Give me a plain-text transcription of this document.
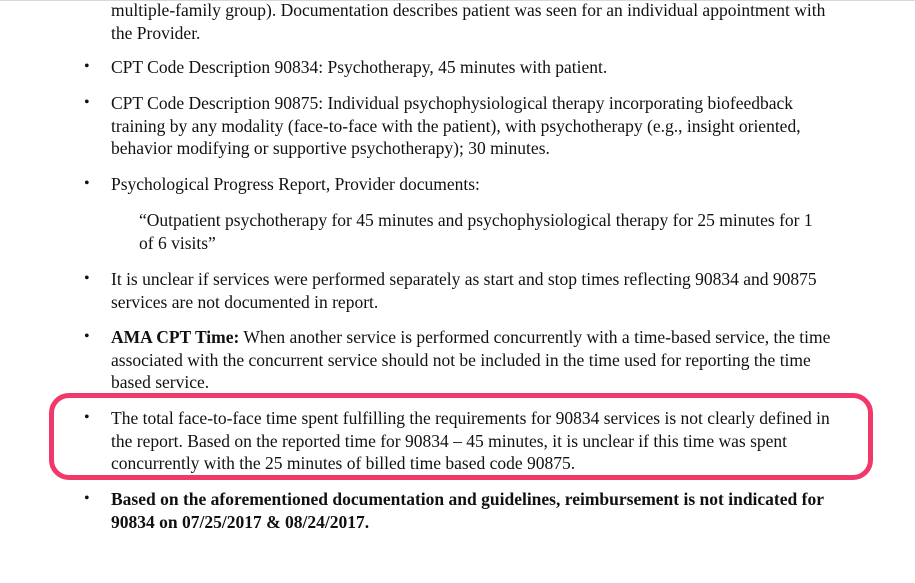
multiple-family group). Documentation describes patient was seen for an individual appointment with the Provider.

• CPT Code Description 90834: Psychotherapy, 45 minutes with patient.

• CPT Code Description 90875: Individual psychophysiological therapy incorporating biofeedback training by any modality (face-to-face with the patient), with psychotherapy (e.g., insight oriented, behavior modifying or supportive psychotherapy); 30 minutes.

• Psychological Progress Report, Provider documents:

“Outpatient psychotherapy for 45 minutes and psychophysiological therapy for 25 minutes for 1 of 6 visits”

• It is unclear if services were performed separately as start and stop times reflecting 90834 and 90875 services are not documented in report.

• AMA CPT Time: When another service is performed concurrently with a time-based service, the time associated with the concurrent service should not be included in the time used for reporting the time based service.

• The total face-to-face time spent fulfilling the requirements for 90834 services is not clearly defined in the report. Based on the reported time for 90834 – 45 minutes, it is unclear if this time was spent concurrently with the 25 minutes of billed time based code 90875.

• Based on the aforementioned documentation and guidelines, reimbursement is not indicated for 90834 on 07/25/2017 & 08/24/2017.
